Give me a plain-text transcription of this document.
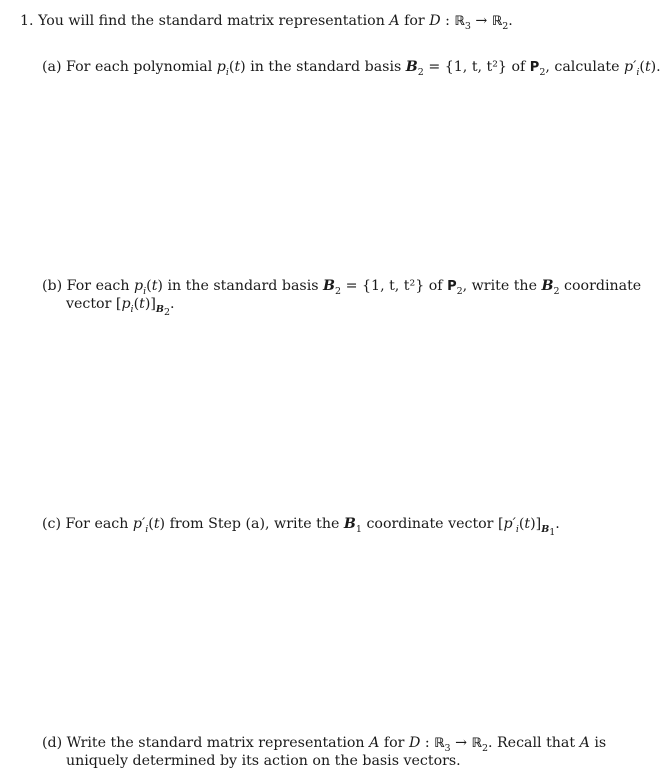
1. You will find the standard matrix representation A for D : ℝ$_3$ → ℝ$_2$.
(a) For each polynomial $p_i(t)$ in the standard basis $B_2 = \{1$, t, t²} of $P_2$, calculate $p'_i(t)$.
(b) For each $p_i(t)$ in the standard basis $B_2 = \{1$, t, t²} of $P_2$, write the $B_2$ coordinate
vector $[p_i(t)]_{B_2}$.
(c) For each $p'_i(t)$ from Step (a), write the $B_1$ coordinate vector $[p'_i(t)]_{B_1}$.
(d) Write the standard matrix representation A for D : ℝ$_3$ → ℝ$_2$. Recall that A is
uniquely determined by its action on the basis vectors.
